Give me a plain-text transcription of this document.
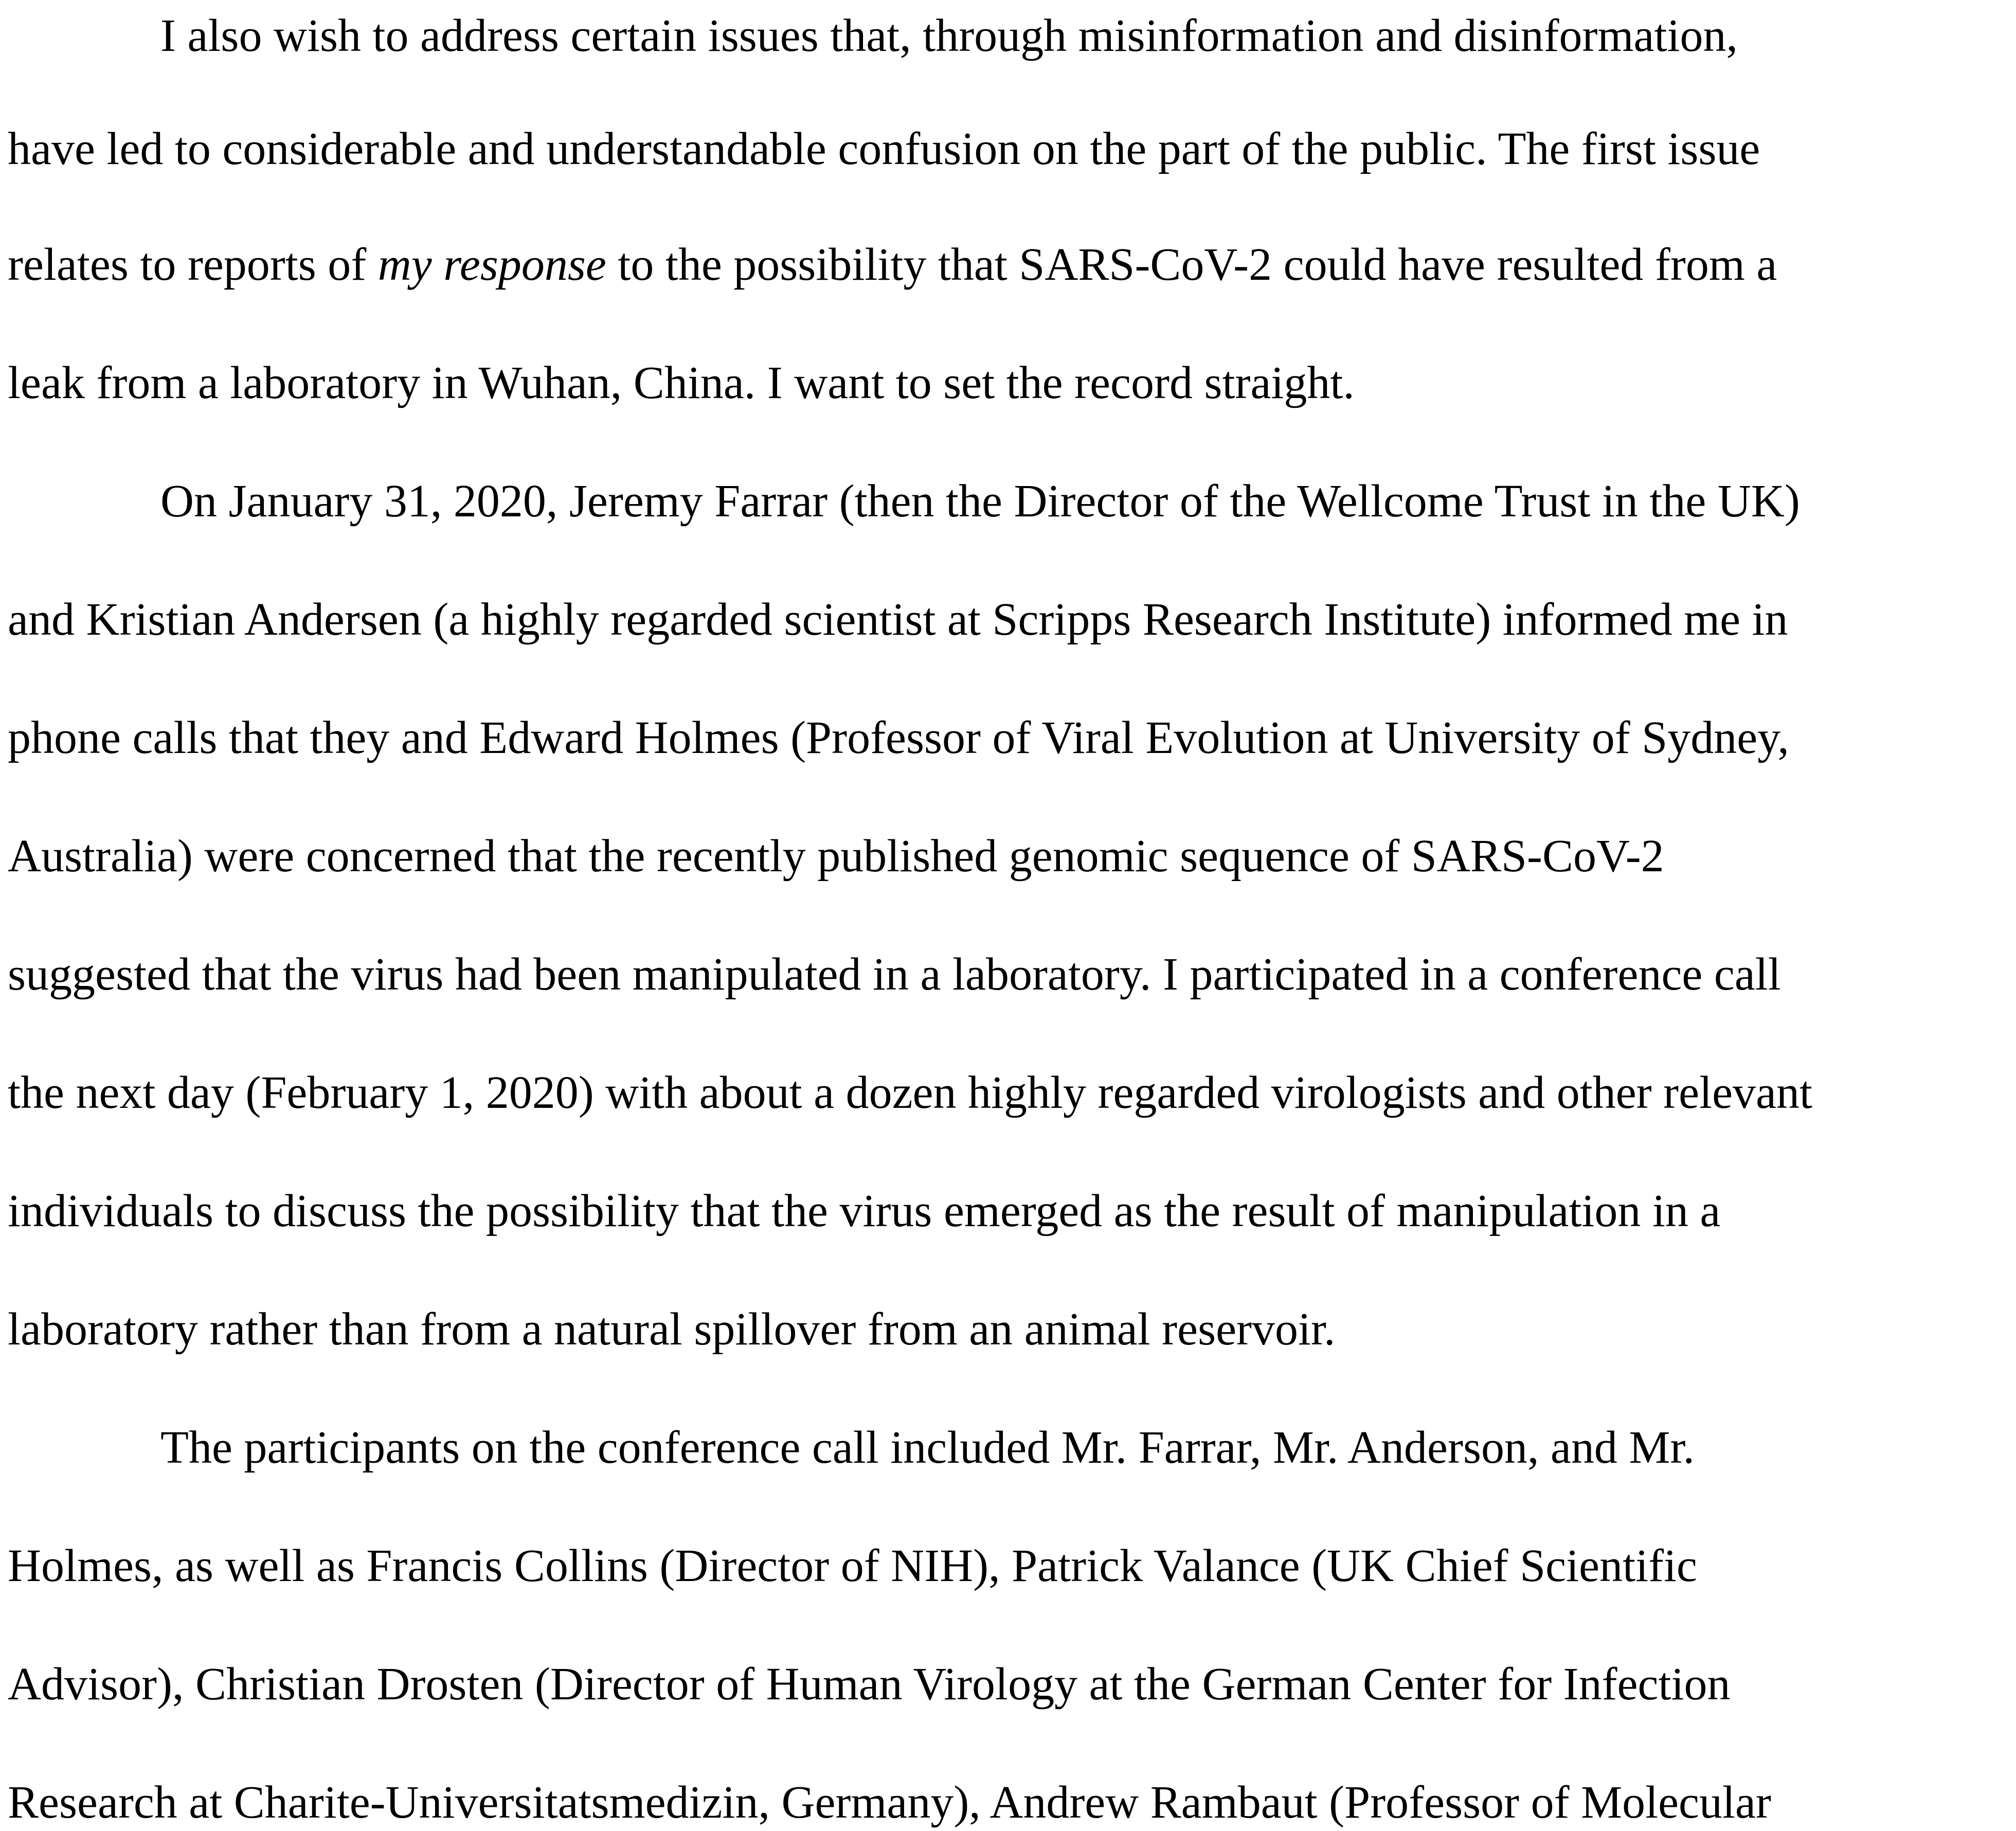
I also wish to address certain issues that, through misinformation and disinformation,
have led to considerable and understandable confusion on the part of the public. The first issue
relates to reports of my response to the possibility that SARS-CoV-2 could have resulted from a
leak from a laboratory in Wuhan, China. I want to set the record straight.
On January 31, 2020, Jeremy Farrar (then the Director of the Wellcome Trust in the UK)
and Kristian Andersen (a highly regarded scientist at Scripps Research Institute) informed me in
phone calls that they and Edward Holmes (Professor of Viral Evolution at University of Sydney,
Australia) were concerned that the recently published genomic sequence of SARS-CoV-2
suggested that the virus had been manipulated in a laboratory. I participated in a conference call
the next day (February 1, 2020) with about a dozen highly regarded virologists and other relevant
individuals to discuss the possibility that the virus emerged as the result of manipulation in a
laboratory rather than from a natural spillover from an animal reservoir.
The participants on the conference call included Mr. Farrar, Mr. Anderson, and Mr.
Holmes, as well as Francis Collins (Director of NIH), Patrick Valance (UK Chief Scientific
Advisor), Christian Drosten (Director of Human Virology at the German Center for Infection
Research at Charite-Universitatsmedizin, Germany), Andrew Rambaut (Professor of Molecular
